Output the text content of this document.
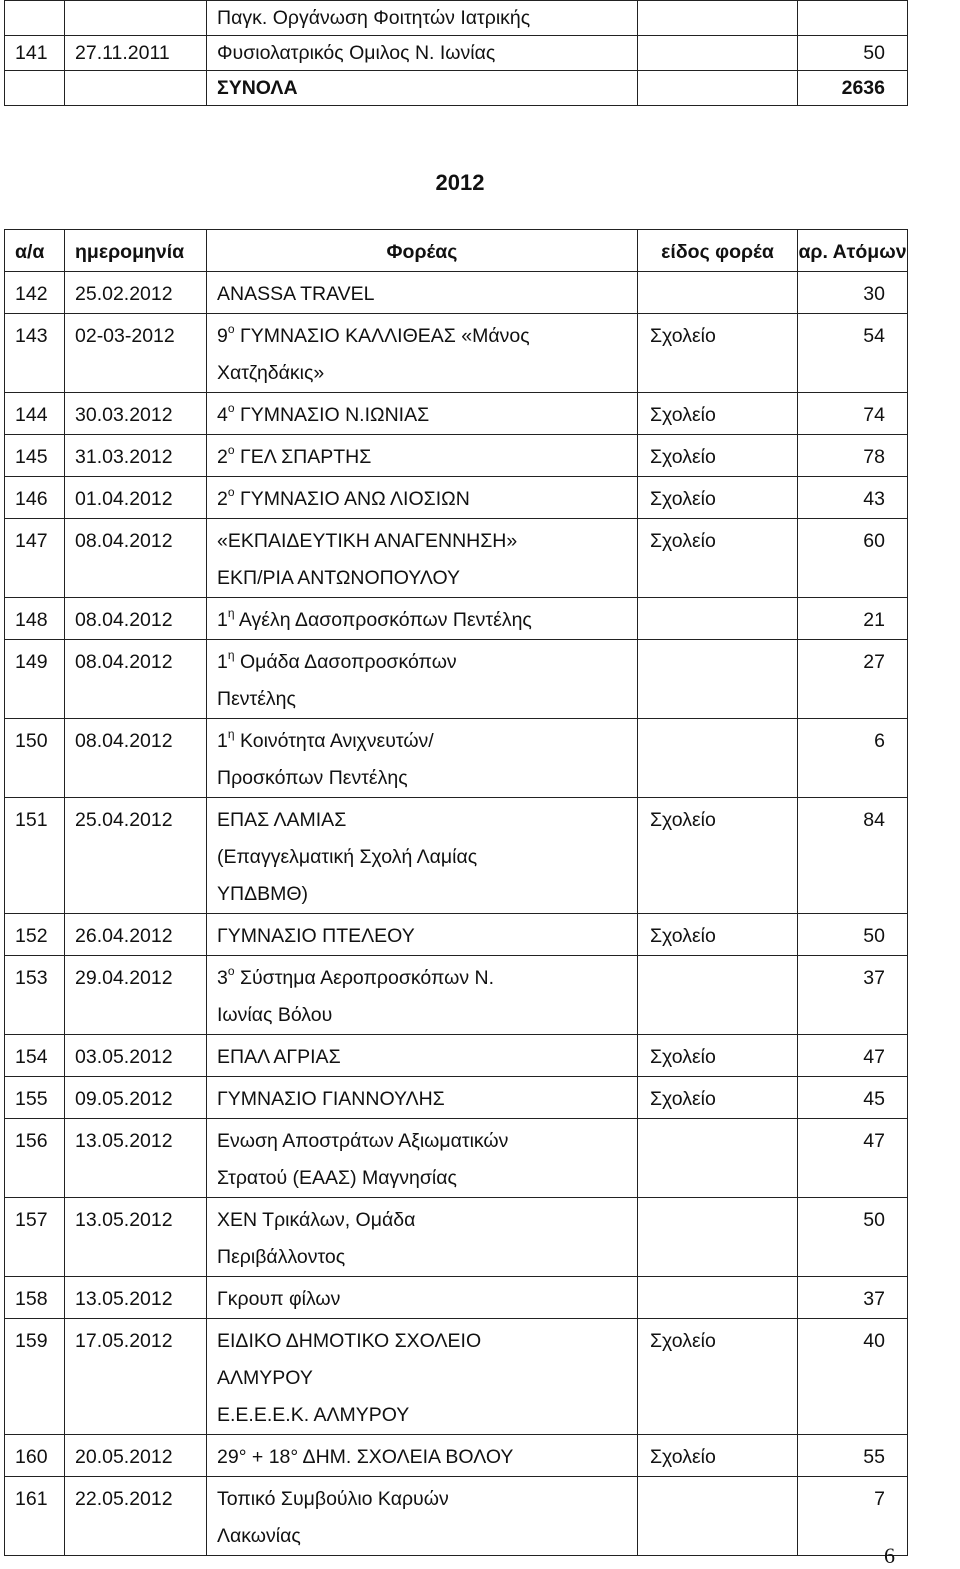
		Παγκ. Οργάνωση Φοιτητών Ιατρικής		
141	27.11.2011	Φυσιολατρικός Ομιλος Ν. Ιωνίας		50
		ΣΥΝΟΛΑ		2636
2012
α/α	ημερομηνία	Φορέας	είδος φορέα	αρ. Ατόμων
142	25.02.2012	ANASSA TRAVEL		30
143	02-03-2012	$9^o$ ΓΥΜΝΑΣΙΟ ΚΑΛΛΙΘΕΑΣ «Μάνος
Χατζηδάκις»	Σχολείο	54
144	30.03.2012	$4^o$ ΓΥΜΝΑΣΙΟ Ν.ΙΩΝΙΑΣ	Σχολείο	74
145	31.03.2012	$2^o$ ΓΕΛ ΣΠΑΡΤΗΣ	Σχολείο	78
146	01.04.2012	$2^o$ ΓΥΜΝΑΣΙΟ ΑΝΩ ΛΙΟΣΙΩΝ	Σχολείο	43
147	08.04.2012	«ΕΚΠΑΙΔΕΥΤΙΚΗ ΑΝΑΓΕΝΝΗΣΗ»
ΕΚΠ/ΡΙΑ ΑΝΤΩΝΟΠΟΥΛΟΥ	Σχολείο	60
148	08.04.2012	$1^\eta$ Αγέλη Δασοπροσκόπων Πεντέλης		21
149	08.04.2012	$1^\eta$ Ομάδα Δασοπροσκόπων
Πεντέλης		27
150	08.04.2012	$1^\eta$ Κοινότητα Ανιχνευτών/
Προσκόπων Πεντέλης		6
151	25.04.2012	ΕΠΑΣ ΛΑΜΙΑΣ
(Επαγγελματική Σχολή Λαμίας
ΥΠΔΒΜΘ)	Σχολείο	84
152	26.04.2012	ΓΥΜΝΑΣΙΟ ΠΤΕΛΕΟΥ	Σχολείο	50
153	29.04.2012	$3^o$ Σύστημα Αεροπροσκόπων Ν.
Ιωνίας Βόλου		37
154	03.05.2012	ΕΠΑΛ ΑΓΡΙΑΣ	Σχολείο	47
155	09.05.2012	ΓΥΜΝΑΣΙΟ ΓΙΑΝΝΟΥΛΗΣ	Σχολείο	45
156	13.05.2012	Ενωση Αποστράτων Αξιωματικών
Στρατού (ΕΑΑΣ) Μαγνησίας		47
157	13.05.2012	ΧΕΝ Τρικάλων, Ομάδα
Περιβάλλοντος		50
158	13.05.2012	Γκρουπ φίλων		37
159	17.05.2012	ΕΙΔΙΚΟ ΔΗΜΟΤΙΚΟ ΣΧΟΛΕΙΟ
ΑΛΜΥΡΟΥ
Ε.Ε.Ε.Ε.Κ. ΑΛΜΥΡΟΥ	Σχολείο	40
160	20.05.2012	29° + 18° ΔΗΜ. ΣΧΟΛΕΙΑ ΒΟΛΟΥ	Σχολείο	55
161	22.05.2012	Τοπικό Συμβούλιο Καρυών
Λακωνίας		7
6
